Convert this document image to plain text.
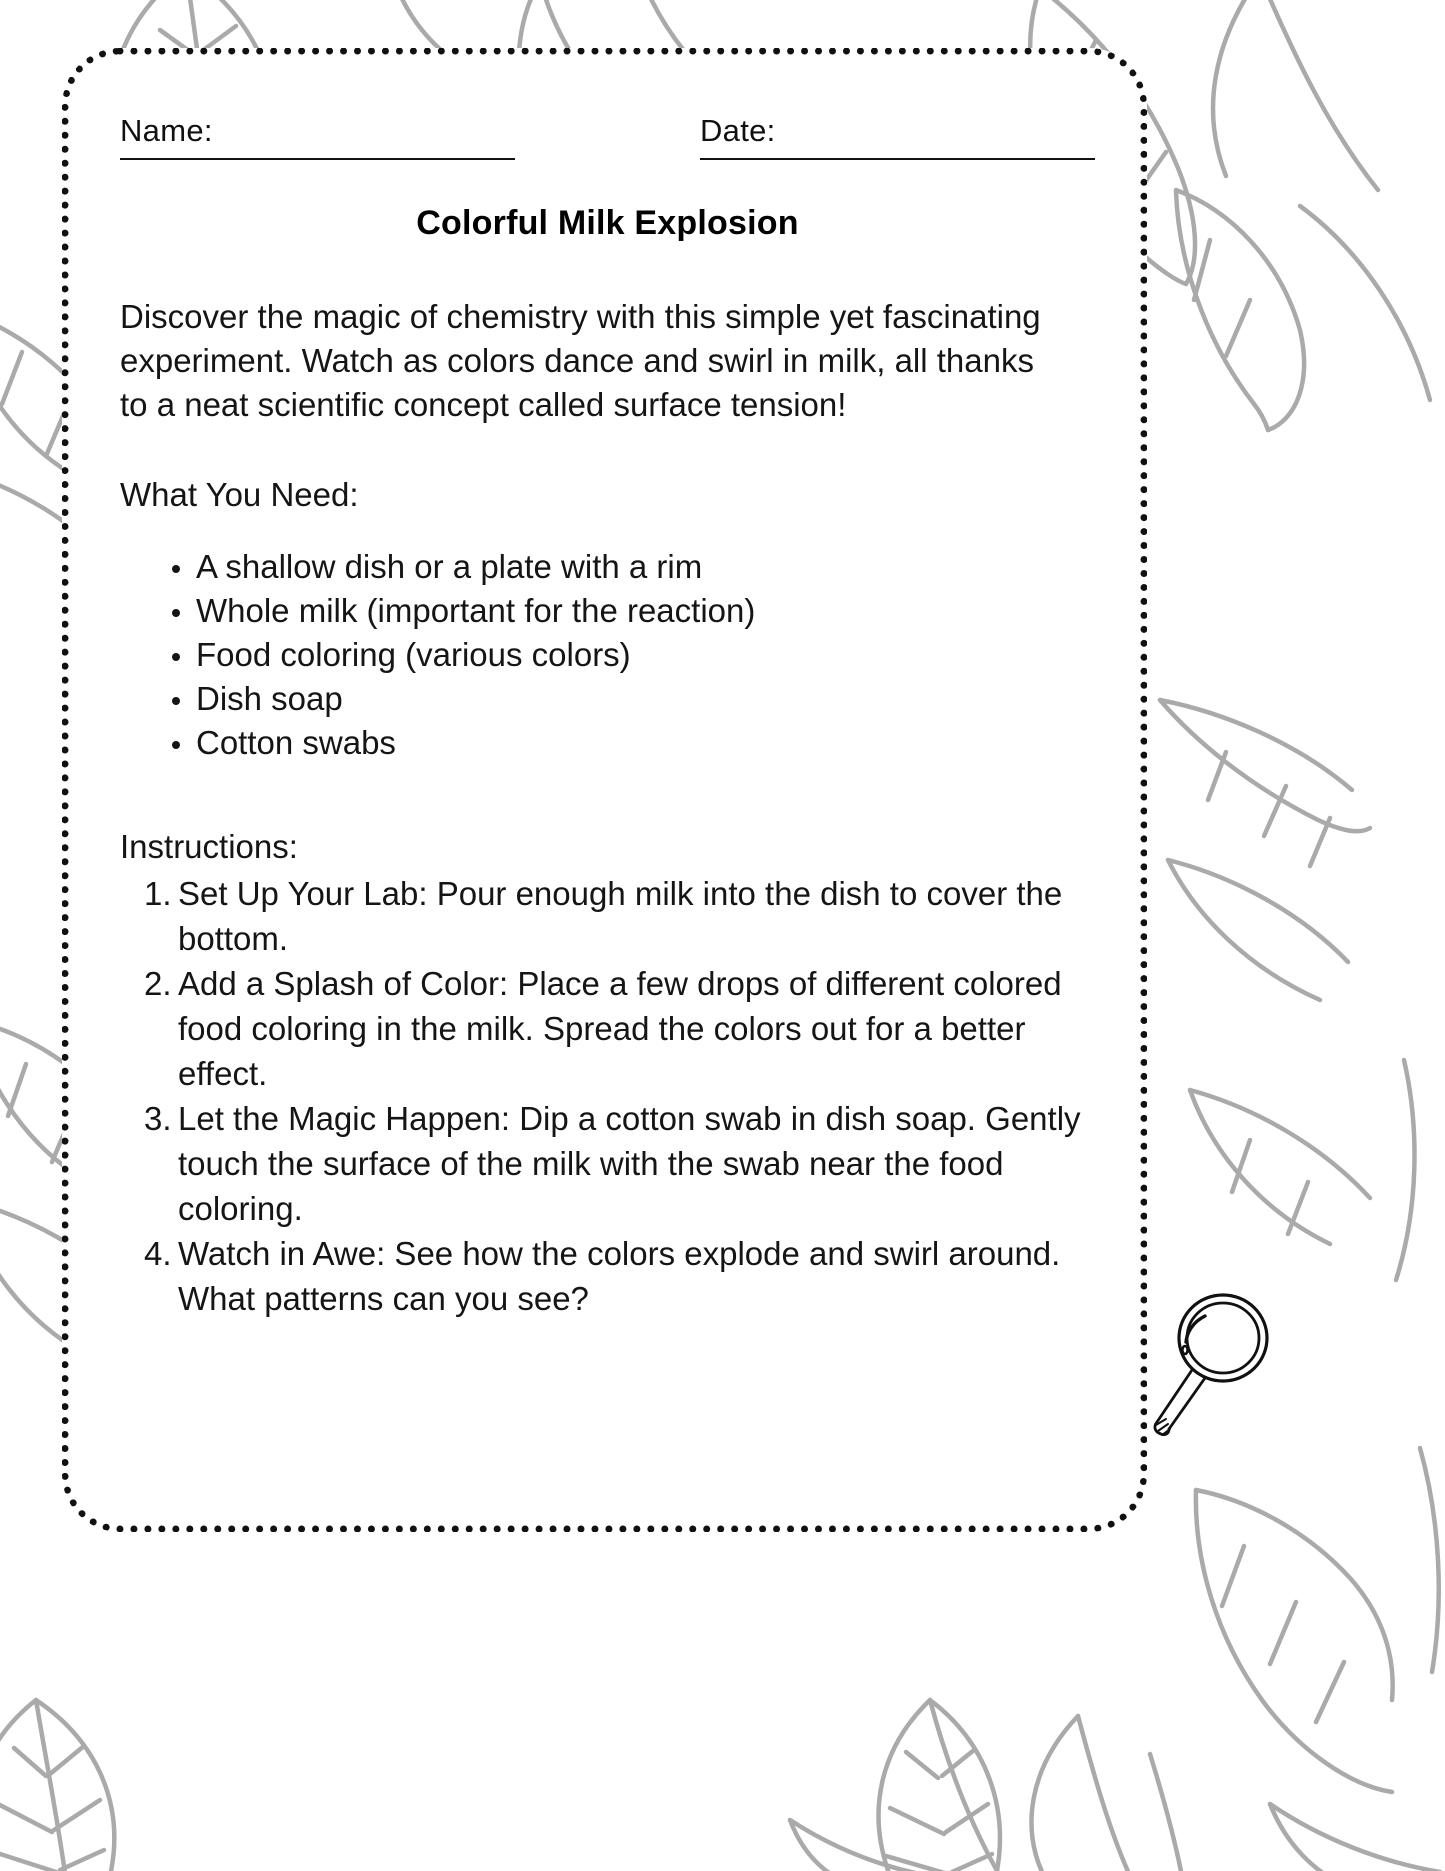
Name:	Date:
Colorful Milk Explosion
Discover the magic of chemistry with this simple yet fascinating experiment. Watch as colors dance and swirl in milk, all thanks to a neat scientific concept called surface tension!
What You Need:
A shallow dish or a plate with a rim
Whole milk (important for the reaction)
Food coloring (various colors)
Dish soap
Cotton swabs
Instructions:
Set Up Your Lab: Pour enough milk into the dish to cover the bottom.
Add a Splash of Color: Place a few drops of different colored food coloring in the milk. Spread the colors out for a better effect.
Let the Magic Happen: Dip a cotton swab in dish soap. Gently touch the surface of the milk with the swab near the food coloring.
Watch in Awe: See how the colors explode and swirl around. What patterns can you see?
